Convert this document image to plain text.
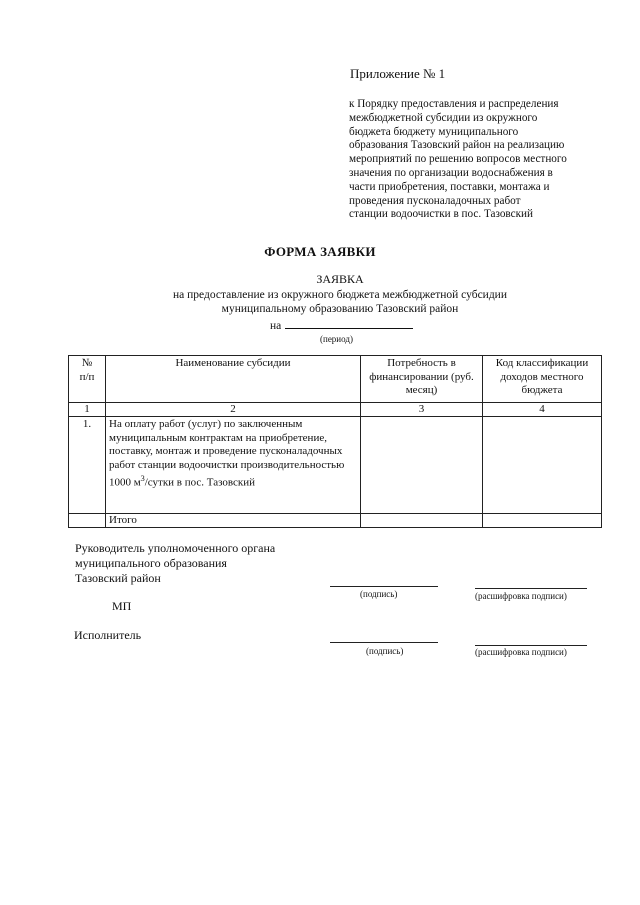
Приложение № 1
к Порядку предоставления и распределения
межбюджетной субсидии из окружного
бюджета бюджету муниципального
образования Тазовский район на реализацию
мероприятий по решению вопросов местного
значения по организации водоснабжения в
части приобретения, поставки, монтажа и
проведения пусконаладочных работ
станции водоочистки в пос. Тазовский
ФОРМА ЗАЯВКИ
ЗАЯВКА
на предоставление из окружного бюджета межбюджетной субсидии
муниципальному образованию Тазовский район
на
(период)
№
п/п	Наименование субсидии	Потребность в финансировании (руб. месяц)	Код классификации доходов местного бюджета
1	2	3	4
1.	На оплату работ (услуг) по заключенным муниципальным контрактам на приобретение, поставку, монтаж и проведение пусконаладочных работ станции водоочистки производительностью
1000 $м^3$/сутки в пос. Тазовский		
	Итого		
Руководитель уполномоченного органа
муниципального образования
Тазовский район
(подпись)	(расшифровка подписи)
МП
Исполнитель
(подпись)	(расшифровка подписи)
